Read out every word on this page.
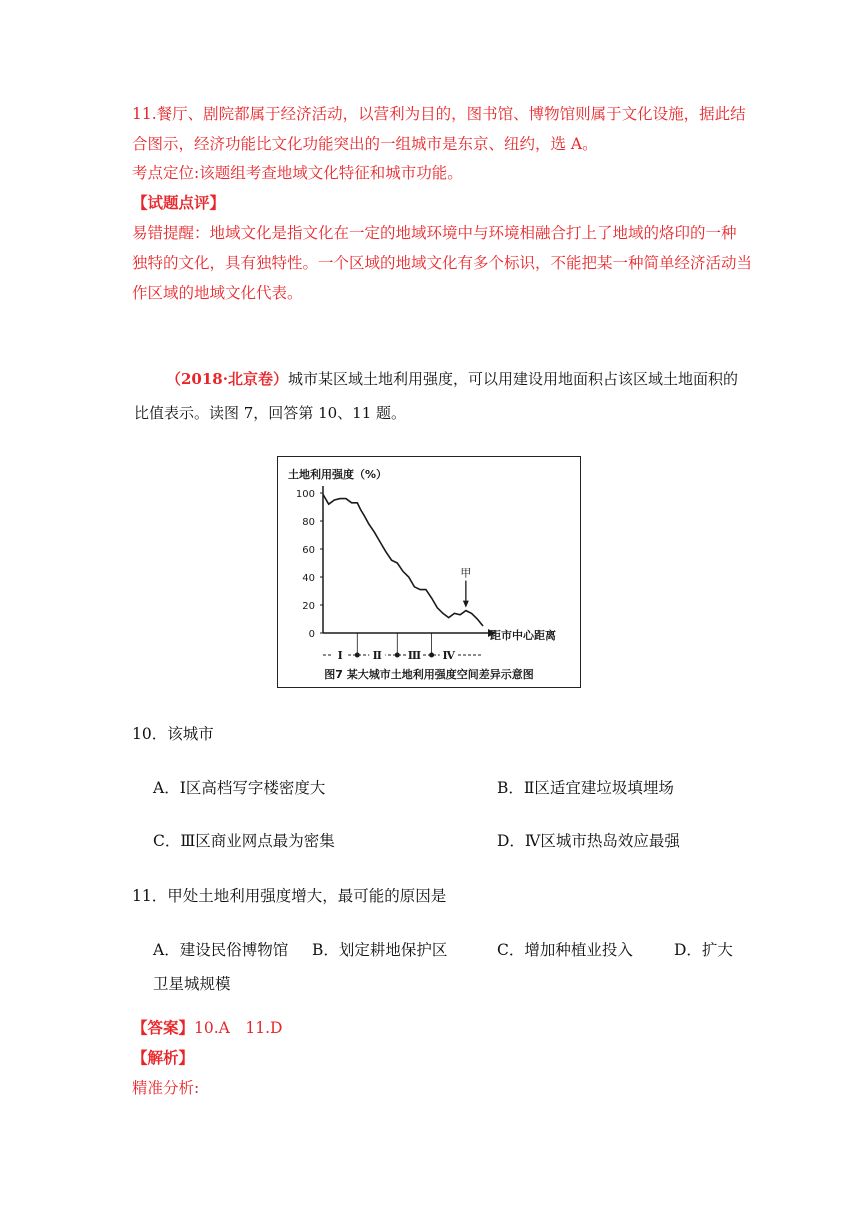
11.餐厅、剧院都属于经济活动，以营利为目的，图书馆、博物馆则属于文化设施，据此结
合图示，经济功能比文化功能突出的一组城市是东京、纽约，选 A。
考点定位:该题组考查地域文化特征和城市功能。
【试题点评】
易错提醒：地域文化是指文化在一定的地域环境中与环境相融合打上了地域的烙印的一种
独特的文化，具有独特性。一个区域的地域文化有多个标识，不能把某一种简单经济活动当
作区域的地域文化代表。
（2018·北京卷）城市某区域土地利用强度，可以用建设用地面积占该区域土地面积的
比值表示。读图 7，回答第 10、11 题。
土地利用强度（%）
100
80
60
40
20
0	距市中心距离
Ⅰ	Ⅱ Ⅲ Ⅳ
甲
图7 某大城市土地利用强度空间差异示意图
10．该城市
A．Ⅰ区高档写字楼密度大	B．Ⅱ区适宜建垃圾填埋场
C．Ⅲ区商业网点最为密集	D．Ⅳ区城市热岛效应最强
11．甲处土地利用强度增大，最可能的原因是
A．建设民俗博物馆 B．划定耕地保护区	C．增加种植业投入	D．扩大
卫星城规模
【答案】10.A　11.D
【解析】
精准分析:
